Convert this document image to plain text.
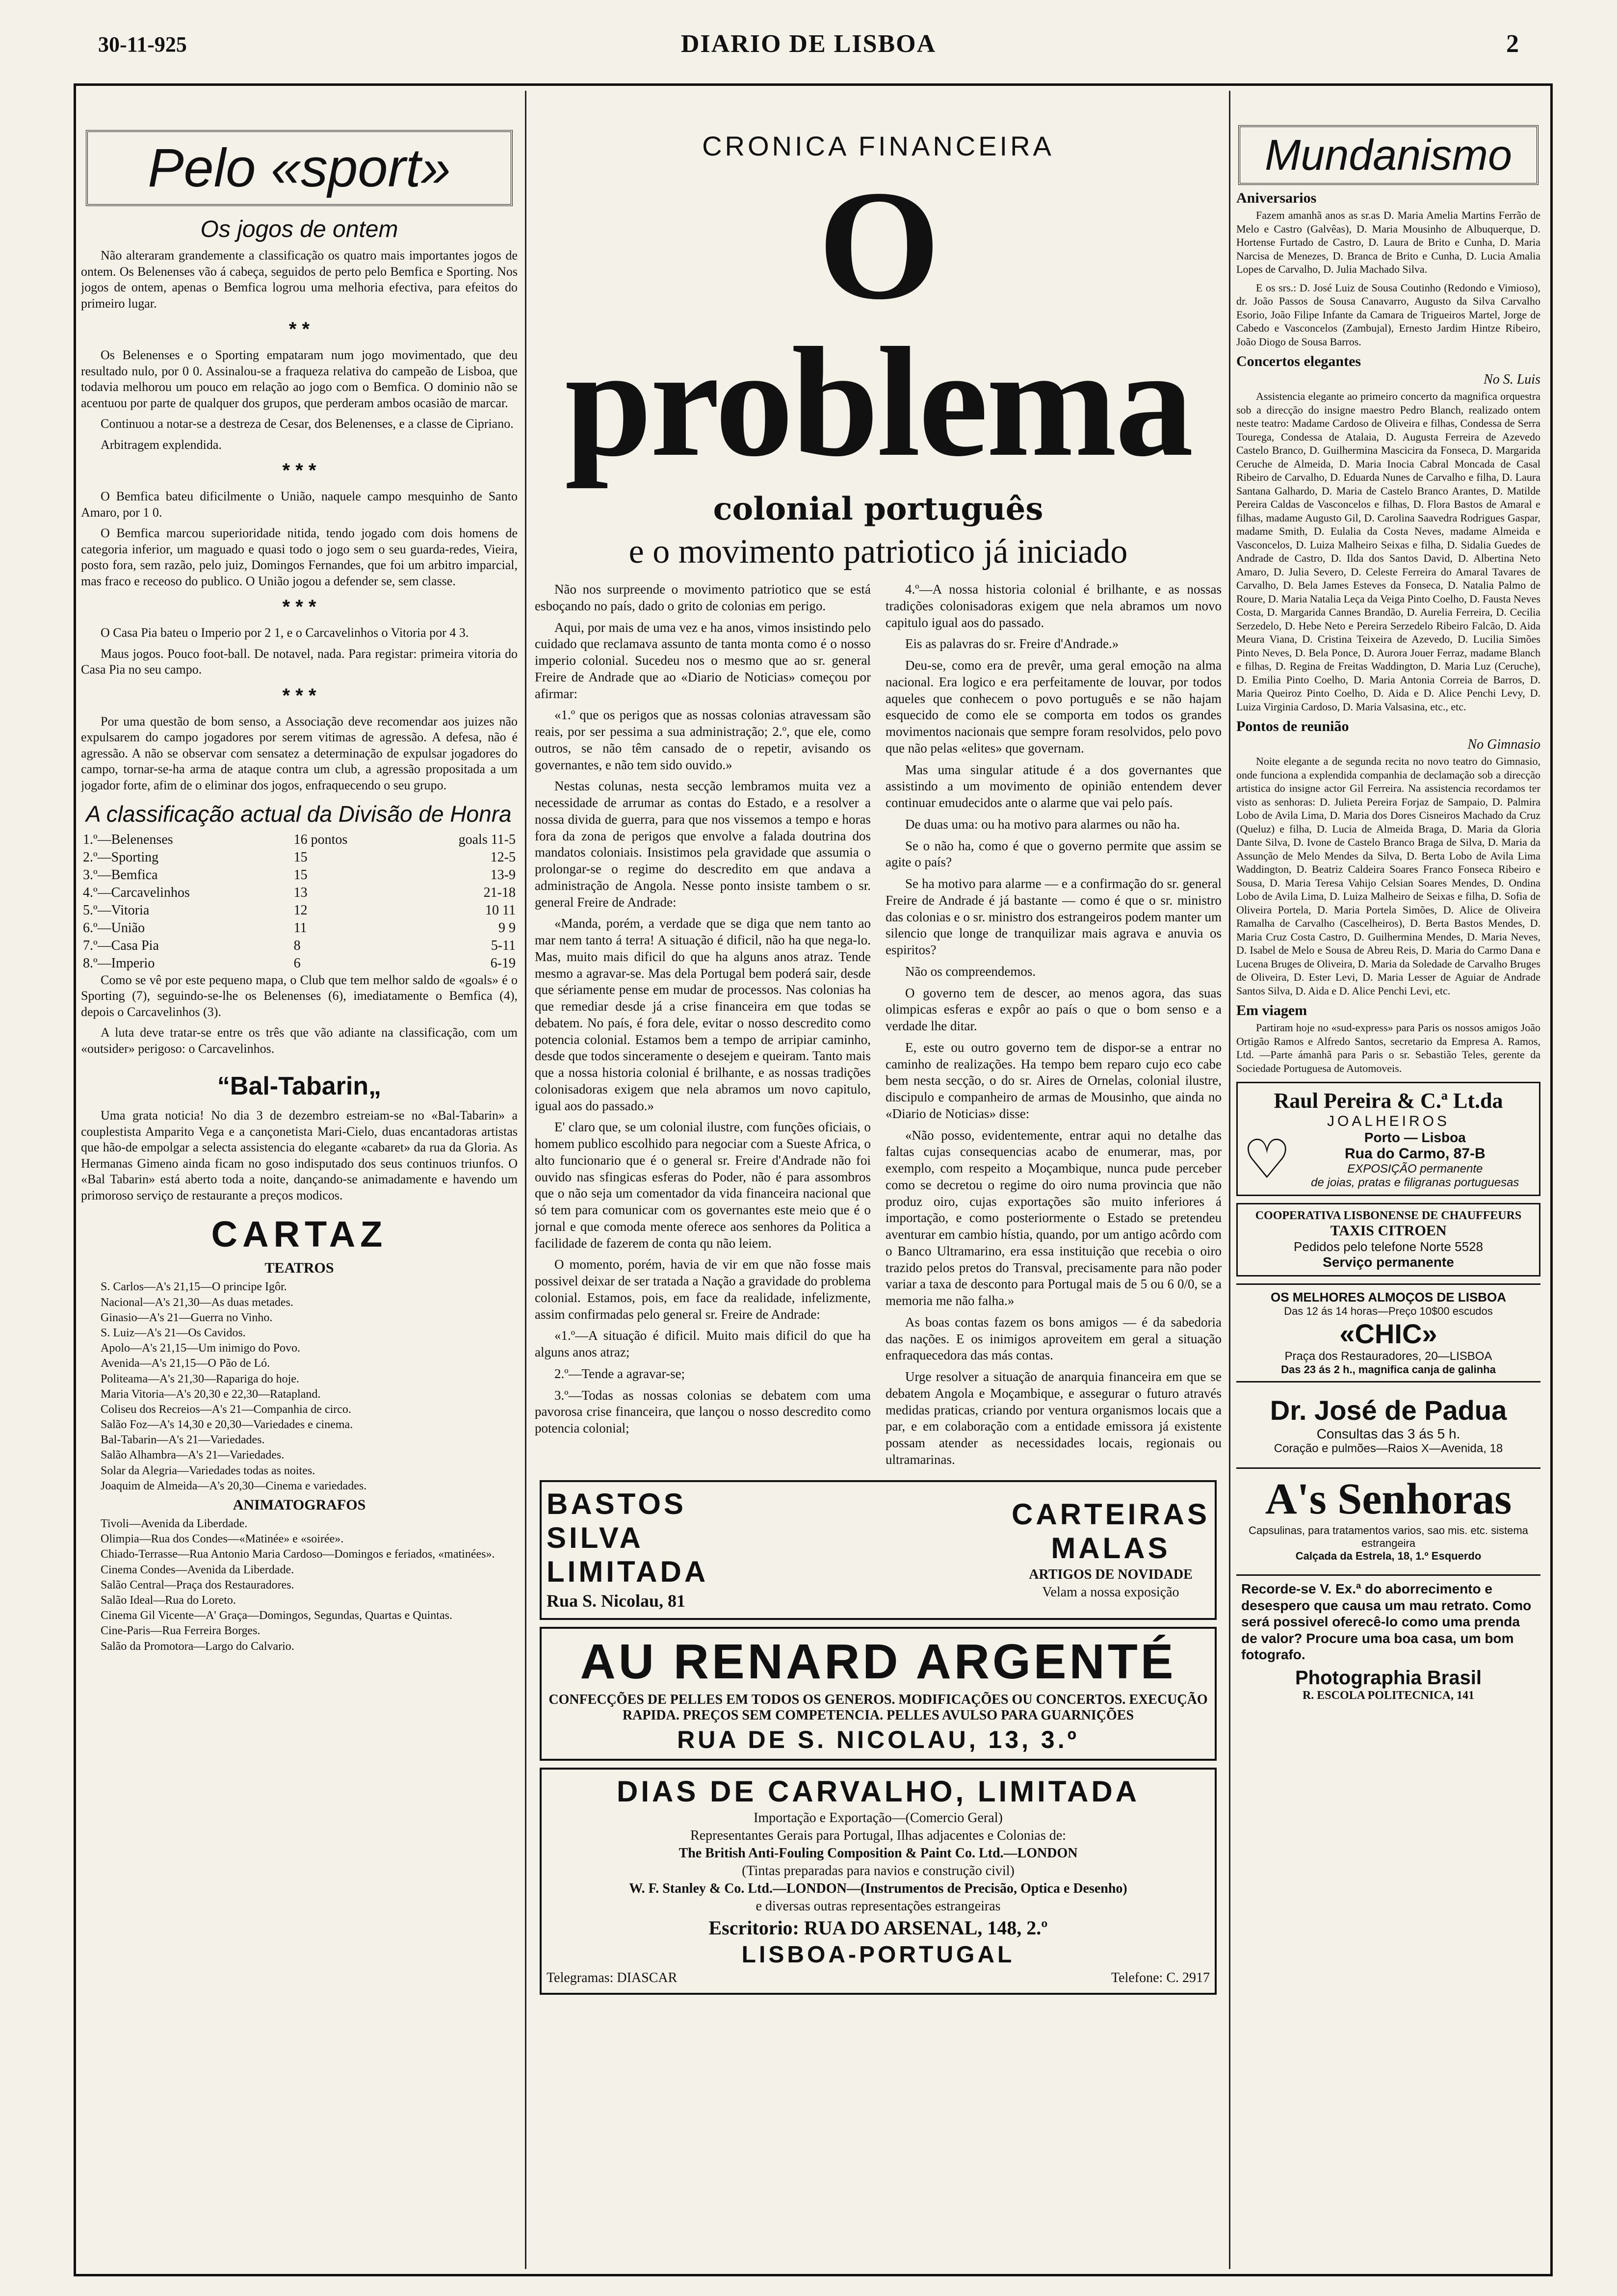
30-11-925	DIARIO DE LISBOA	2
Pelo «sport»
Os jogos de ontem

Não alteraram grandemente a classificação os quatro mais importantes jogos de ontem. Os Belenenses vão á cabeça, seguidos de perto pelo Bemfica e Sporting. Nos jogos de ontem, apenas o Bemfica logrou uma melhoria efectiva, para efeitos do primeiro lugar.

* *

Os Belenenses e o Sporting empataram num jogo movimentado, que deu resultado nulo, por 0 0. Assinalou-se a fraqueza relativa do campeão de Lisboa, que todavia melhorou um pouco em relação ao jogo com o Bemfica. O dominio não se acentuou por parte de qualquer dos grupos, que perderam ambos ocasião de marcar.

Continuou a notar-se a destreza de Cesar, dos Belenenses, e a classe de Cipriano.

Arbitragem explendida.

* * *

O Bemfica bateu dificilmente o União, naquele campo mesquinho de Santo Amaro, por 1 0.

O Bemfica marcou superioridade nitida, tendo jogado com dois homens de categoria inferior, um maguado e quasi todo o jogo sem o seu guarda-redes, Vieira, posto fora, sem razão, pelo juiz, Domingos Fernandes, que foi um arbitro imparcial, mas fraco e receoso do publico. O União jogou a defender se, sem classe.

* * *

O Casa Pia bateu o Imperio por 2 1, e o Carcavelinhos o Vitoria por 4 3.

Maus jogos. Pouco foot-ball. De notavel, nada. Para registar: primeira vitoria do Casa Pia no seu campo.

* * *

Por uma questão de bom senso, a Associação deve recomendar aos juizes não expulsarem do campo jogadores por serem vitimas de agressão. A defesa, não é agressão. A não se observar com sensatez a determinação de expulsar jogadores do campo, tornar-se-ha arma de ataque contra um club, a agressão propositada a um jogador forte, afim de o eliminar dos jogos, enfraquecendo o seu grupo.

A classificação actual da Divisão de Honra
1.º—Belenenses	16 pontos	goals 11-5
2.º—Sporting	15	12-5
3.º—Bemfica	15	13-9
4.º—Carcavelinhos	13	21-18
5.º—Vitoria	12	10 11
6.º—União	11	9 9
7.º—Casa Pia	8	5-11
8.º—Imperio	6	6-19

Como se vê por este pequeno mapa, o Club que tem melhor saldo de «goals» é o Sporting (7), seguindo-se-lhe os Belenenses (6), imediatamente o Bemfica (4), depois o Carcavelinhos (3).

A luta deve tratar-se entre os três que vão adiante na classificação, com um «outsider» perigoso: o Carcavelinhos.

“Bal-Tabarin„

Uma grata noticia! No dia 3 de dezembro estreiam-se no «Bal-Tabarin» a couplestista Amparito Vega e a cançonetista Mari-Cielo, duas encantadoras artistas que hão-de empolgar a selecta assistencia do elegante «cabaret» da rua da Gloria. As Hermanas Gimeno ainda ficam no goso indisputado dos seus continuos triunfos. O «Bal Tabarin» está aberto toda a noite, dançando-se animadamente e havendo um primoroso serviço de restaurante a preços modicos.

CARTAZ
TEATROS

S. Carlos—A's 21,15—O principe Igôr.

Nacional—A's 21,30—As duas metades.

Ginasio—A's 21—Guerra no Vinho.

S. Luiz—A's 21—Os Cavidos.

Apolo—A's 21,15—Um inimigo do Povo.

Avenida—A's 21,15—O Pão de Ló.

Politeama—A's 21,30—Rapariga do hoje.

Maria Vitoria—A's 20,30 e 22,30—Ratapland.

Coliseu dos Recreios—A's 21—Companhia de circo.

Salão Foz—A's 14,30 e 20,30—Variedades e cinema.

Bal-Tabarin—A's 21—Variedades.

Salão Alhambra—A's 21—Variedades.

Solar da Alegria—Variedades todas as noites.

Joaquim de Almeida—A's 20,30—Cinema e variedades.

ANIMATOGRAFOS

Tivoli—Avenida da Liberdade.

Olimpia—Rua dos Condes—«Matinée» e «soirée».

Chiado-Terrasse—Rua Antonio Maria Cardoso—Domingos e feriados, «matinées».

Cinema Condes—Avenida da Liberdade.

Salão Central—Praça dos Restauradores.

Salão Ideal—Rua do Loreto.

Cinema Gil Vicente—A' Graça—Domingos, Segundas, Quartas e Quintas.

Cine-Paris—Rua Ferreira Borges.

Salão da Promotora—Largo do Calvario.

CRONICA FINANCEIRA
O problema
colonial português
e o movimento patriotico já iniciado

Não nos surpreende o movimento patriotico que se está esboçando no país, dado o grito de colonias em perigo.

Aqui, por mais de uma vez e ha anos, vimos insistindo pelo cuidado que reclamava assunto de tanta monta como é o nosso imperio colonial. Sucedeu nos o mesmo que ao sr. general Freire de Andrade que ao «Diario de Noticias» começou por afirmar:

«1.º que os perigos que as nossas colonias atravessam são reais, por ser pessima a sua administração; 2.º, que ele, como outros, se não têm cansado de o repetir, avisando os governantes, e não tem sido ouvido.»

Nestas colunas, nesta secção lembramos muita vez a necessidade de arrumar as contas do Estado, e a resolver a nossa divida de guerra, para que nos vissemos a tempo e horas fora da zona de perigos que envolve a falada doutrina dos mandatos coloniais. Insistimos pela gravidade que assumia o prolongar-se o regime do descredito em que andava a administração de Angola. Nesse ponto insiste tambem o sr. general Freire de Andrade:

«Manda, porém, a verdade que se diga que nem tanto ao mar nem tanto á terra! A situação é dificil, não ha que nega-lo. Mas, muito mais dificil do que ha alguns anos atraz. Tende mesmo a agravar-se. Mas dela Portugal bem poderá sair, desde que sériamente pense em mudar de processos. Nas colonias ha que remediar desde já a crise financeira em que todas se debatem. No país, é fora dele, evitar o nosso descredito como potencia colonial. Estamos bem a tempo de arripiar caminho, desde que todos sinceramente o desejem e queiram. Tanto mais que a nossa historia colonial é brilhante, e as nossas tradições colonisadoras exigem que nela abramos um novo capitulo, igual aos do passado.»

E' claro que, se um colonial ilustre, com funções oficiais, o homem publico escolhido para negociar com a Sueste Africa, o alto funcionario que é o general sr. Freire d'Andrade não foi ouvido nas sfingicas esferas do Poder, não é para assombros que o não seja um comentador da vida financeira nacional que só tem para comunicar com os governantes este meio que é o jornal e que comoda mente oferece aos senhores da Politica a facilidade de fazerem de conta qu não leiem.

O momento, porém, havia de vir em que não fosse mais possivel deixar de ser tratada a Nação a gravidade do problema colonial. Estamos, pois, em face da realidade, infelizmente, assim confirmadas pelo general sr. Freire de Andrade:

«1.º—A situação é dificil. Muito mais dificil do que ha alguns anos atraz;

2.º—Tende a agravar-se;

3.º—Todas as nossas colonias se debatem com uma pavorosa crise financeira, que lançou o nosso descredito como potencia colonial;

4.º—A nossa historia colonial é brilhante, e as nossas tradições colonisadoras exigem que nela abramos um novo capitulo igual aos do passado.

Eis as palavras do sr. Freire d'Andrade.»

Deu-se, como era de prevêr, uma geral emoção na alma nacional. Era logico e era perfeitamente de louvar, por todos aqueles que conhecem o povo português e se não hajam esquecido de como ele se comporta em todos os grandes movimentos nacionais que sempre foram resolvidos, pelo povo que não pelas «elites» que governam.

Mas uma singular atitude é a dos governantes que assistindo a um movimento de opinião entendem dever continuar emudecidos ante o alarme que vai pelo país.

De duas uma: ou ha motivo para alarmes ou não ha.

Se o não ha, como é que o governo permite que assim se agite o país?

Se ha motivo para alarme — e a confirmação do sr. general Freire de Andrade é já bastante — como é que o sr. ministro das colonias e o sr. ministro dos estrangeiros podem manter um silencio que longe de tranquilizar mais agrava e anuvia os espiritos?

Não os compreendemos.

O governo tem de descer, ao menos agora, das suas olimpicas esferas e expôr ao país o que o bom senso e a verdade lhe ditar.

E, este ou outro governo tem de dispor-se a entrar no caminho de realizações. Ha tempo bem reparo cujo eco cabe bem nesta secção, o do sr. Aires de Ornelas, colonial ilustre, discipulo e companheiro de armas de Mousinho, que ainda no «Diario de Noticias» disse:

«Não posso, evidentemente, entrar aqui no detalhe das faltas cujas consequencias acabo de enumerar, mas, por exemplo, com respeito a Moçambique, nunca pude perceber como se decretou o regime do oiro numa provincia que não produz oiro, cujas exportações são muito inferiores á importação, e como posteriormente o Estado se pretendeu aventurar em cambio hístia, quando, por um antigo acôrdo com o Banco Ultramarino, era essa instituição que recebia o oiro trazido pelos pretos do Transval, precisamente para não poder variar a taxa de desconto para Portugal mais de 5 ou 6 0/0, se a memoria me não falha.»

As boas contas fazem os bons amigos — é da sabedoria das nações. E os inimigos aproveitem em geral a situação enfraquecedora das más contas.

Urge resolver a situação de anarquia financeira em que se debatem Angola e Moçambique, e assegurar o futuro através medidas praticas, criando por ventura organismos locais que a par, e em colaboração com a entidade emissora já existente possam atender as necessidades locais, regionais ou ultramarinas.

BASTOS
SILVA
LIMITADA
Rua S. Nicolau, 81
CARTEIRAS
MALAS
ARTIGOS DE NOVIDADE
Velam a nossa exposição
AU RENARD ARGENTÉ
CONFECÇÕES DE PELLES EM TODOS OS GENEROS. MODIFICAÇÕES OU CONCERTOS. EXECUÇÃO RAPIDA. PREÇOS SEM COMPETENCIA. PELLES AVULSO PARA GUARNIÇÕES
RUA DE S. NICOLAU, 13, 3.º
DIAS DE CARVALHO, LIMITADA
Importação e Exportação—(Comercio Geral)
Representantes Gerais para Portugal, Ilhas adjacentes e Colonias de:
The British Anti-Fouling Composition & Paint Co. Ltd.—LONDON
(Tintas preparadas para navios e construção civil)
W. F. Stanley & Co. Ltd.—LONDON—(Instrumentos de Precisão, Optica e Desenho)
e diversas outras representações estrangeiras
Escritorio: RUA DO ARSENAL, 148, 2.º
LISBOA-PORTUGAL
Telegramas: DIASCAR	Telefone: C. 2917
Mundanismo
Aniversarios

Fazem amanhã anos as sr.as D. Maria Amelia Martins Ferrão de Melo e Castro (Galvêas), D. Maria Mousinho de Albuquerque, D. Hortense Furtado de Castro, D. Laura de Brito e Cunha, D. Maria Narcisa de Menezes, D. Branca de Brito e Cunha, D. Lucia Amalia Lopes de Carvalho, D. Julia Machado Silva.

E os srs.: D. José Luiz de Sousa Coutinho (Redondo e Vimioso), dr. João Passos de Sousa Canavarro, Augusto da Silva Carvalho Esorio, João Filipe Infante da Camara de Trigueiros Martel, Jorge de Cabedo e Vasconcelos (Zambujal), Ernesto Jardim Hintze Ribeiro, João Diogo de Sousa Barros.

Concertos elegantes
No S. Luis

Assistencia elegante ao primeiro concerto da magnifica orquestra sob a direcção do insigne maestro Pedro Blanch, realizado ontem neste teatro: Madame Cardoso de Oliveira e filhas, Condessa de Serra Tourega, Condessa de Atalaia, D. Augusta Ferreira de Azevedo Castelo Branco, D. Guilhermina Mascicira da Fonseca, D. Margarida Ceruche de Almeida, D. Maria Inocia Cabral Moncada de Casal Ribeiro de Carvalho, D. Eduarda Nunes de Carvalho e filha, D. Laura Santana Galhardo, D. Maria de Castelo Branco Arantes, D. Matilde Pereira Caldas de Vasconcelos e filhas, D. Flora Bastos de Amaral e filhas, madame Augusto Gil, D. Carolina Saavedra Rodrigues Gaspar, madame Smith, D. Eulalia da Costa Neves, madame Almeida e Vasconcelos, D. Luiza Malheiro Seixas e filha, D. Sidalia Guedes de Andrade de Castro, D. Ilda dos Santos David, D. Albertina Neto Amaro, D. Julia Severo, D. Celeste Ferreira do Amaral Tavares de Carvalho, D. Bela James Esteves da Fonseca, D. Natalia Palmo de Roure, D. Maria Natalia Leça da Veiga Pinto Coelho, D. Fausta Neves Costa, D. Margarida Cannes Brandão, D. Aurelia Ferreira, D. Cecilia Serzedelo, D. Hebe Neto e Pereira Serzedelo Ribeiro Falcão, D. Aida Meura Viana, D. Cristina Teixeira de Azevedo, D. Lucilia Simões Pinto Neves, D. Bela Ponce, D. Aurora Jouer Ferraz, madame Blanch e filhas, D. Regina de Freitas Waddington, D. Maria Luz (Ceruche), D. Emilia Pinto Coelho, D. Maria Antonia Correia de Barros, D. Maria Queiroz Pinto Coelho, D. Aida e D. Alice Penchi Levy, D. Luiza Virginia Cardoso, D. Maria Valsasina, etc., etc.

Pontos de reunião
No Gimnasio

Noite elegante a de segunda recita no novo teatro do Gimnasio, onde funciona a explendida companhia de declamação sob a direcção artistica do insigne actor Gil Ferreira. Na assistencia recordamos ter visto as senhoras: D. Julieta Pereira Forjaz de Sampaio, D. Palmira Lobo de Avila Lima, D. Maria dos Dores Cisneiros Machado da Cruz (Queluz) e filha, D. Lucia de Almeida Braga, D. Maria da Gloria Dante Silva, D. Ivone de Castelo Branco Braga de Silva, D. Maria da Assunção de Melo Mendes da Silva, D. Berta Lobo de Avila Lima Waddington, D. Beatriz Caldeira Soares Franco Fonseca Ribeiro e Sousa, D. Maria Teresa Vahijo Celsian Soares Mendes, D. Ondina Lobo de Avila Lima, D. Luiza Malheiro de Seixas e filha, D. Sofia de Oliveira Portela, D. Maria Portela Simões, D. Alice de Oliveira Ramalha de Carvalho (Cascelheiros), D. Berta Bastos Mendes, D. Maria Cruz Costa Castro, D. Guilhermina Mendes, D. Maria Neves, D. Isabel de Melo e Sousa de Abreu Reis, D. Maria do Carmo Dana e Lucena Bruges de Oliveira, D. Maria da Soledade de Carvalho Bruges de Oliveira, D. Ester Levi, D. Maria Lesser de Aguiar de Andrade Santos Silva, D. Aida e D. Alice Penchi Levi, etc.

Em viagem

Partiram hoje no «sud-express» para Paris os nossos amigos João Ortigão Ramos e Alfredo Santos, secretario da Empresa A. Ramos, Ltd. —Parte ámanhã para Paris o sr. Sebastião Teles, gerente da Sociedade Portuguesa de Automoveis.

Raul Pereira & C.ª Lt.da
JOALHEIROS
♡	Porto — Lisboa
Rua do Carmo, 87-B
EXPOSIÇÃO permanente
de joias, pratas e filigranas portuguesas
COOPERATIVA LISBONENSE DE CHAUFFEURS
TAXIS CITROEN
Pedidos pelo telefone Norte 5528
Serviço permanente
OS MELHORES ALMOÇOS DE LISBOA
Das 12 ás 14 horas—Preço 10$00 escudos
«CHIC»
Praça dos Restauradores, 20—LISBOA
Das 23 ás 2 h., magnifica canja de galinha
Dr. José de Padua
Consultas das 3 ás 5 h.
Coração e pulmões—Raios X—Avenida, 18
A's Senhoras
Capsulinas, para tratamentos varios, sao mis. etc. sistema estrangeira
Calçada da Estrela, 18, 1.º Esquerdo
Recorde-se V. Ex.ª do aborrecimento e desespero que causa um mau retrato. Como será possivel oferecê-lo como uma prenda de valor? Procure uma boa casa, um bom fotografo.
Photographia Brasil
R. ESCOLA POLITECNICA, 141
